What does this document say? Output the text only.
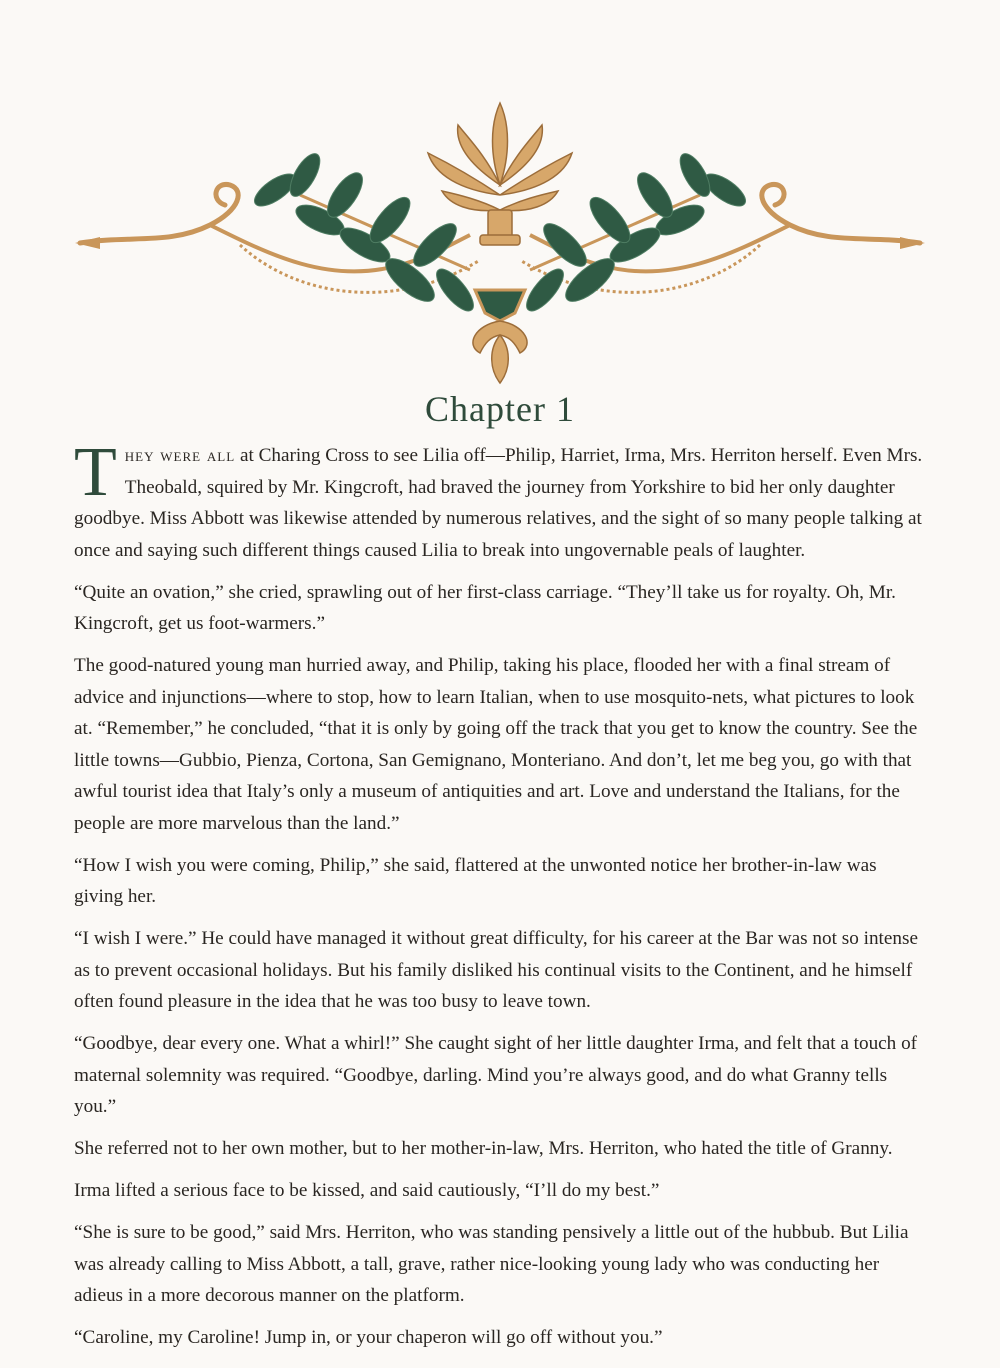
Chapter 1

They were all at Charing Cross to see Lilia off—Philip, Harriet, Irma, Mrs. Herriton herself. Even Mrs. Theobald, squired by Mr. Kingcroft, had braved the journey from Yorkshire to bid her only daughter goodbye. Miss Abbott was likewise attended by numerous relatives, and the sight of so many people talking at once and saying such different things caused Lilia to break into ungovernable peals of laughter.

“Quite an ovation,” she cried, sprawling out of her first-class carriage. “They’ll take us for royalty. Oh, Mr. Kingcroft, get us foot-warmers.”

The good-natured young man hurried away, and Philip, taking his place, flooded her with a final stream of advice and injunctions—where to stop, how to learn Italian, when to use mosquito-nets, what pictures to look at. “Remember,” he concluded, “that it is only by going off the track that you get to know the country. See the little towns—Gubbio, Pienza, Cortona, San Gemignano, Monteriano. And don’t, let me beg you, go with that awful tourist idea that Italy’s only a museum of antiquities and art. Love and understand the Italians, for the people are more marvelous than the land.”

“How I wish you were coming, Philip,” she said, flattered at the unwonted notice her brother-in-law was giving her.

“I wish I were.” He could have managed it without great difficulty, for his career at the Bar was not so intense as to prevent occasional holidays. But his family disliked his continual visits to the Continent, and he himself often found pleasure in the idea that he was too busy to leave town.

“Goodbye, dear every one. What a whirl!” She caught sight of her little daughter Irma, and felt that a touch of maternal solemnity was required. “Goodbye, darling. Mind you’re always good, and do what Granny tells you.”

She referred not to her own mother, but to her mother-in-law, Mrs. Herriton, who hated the title of Granny.

Irma lifted a serious face to be kissed, and said cautiously, “I’ll do my best.”

“She is sure to be good,” said Mrs. Herriton, who was standing pensively a little out of the hubbub. But Lilia was already calling to Miss Abbott, a tall, grave, rather nice-looking young lady who was conducting her adieus in a more decorous manner on the platform.

“Caroline, my Caroline! Jump in, or your chaperon will go off without you.”
